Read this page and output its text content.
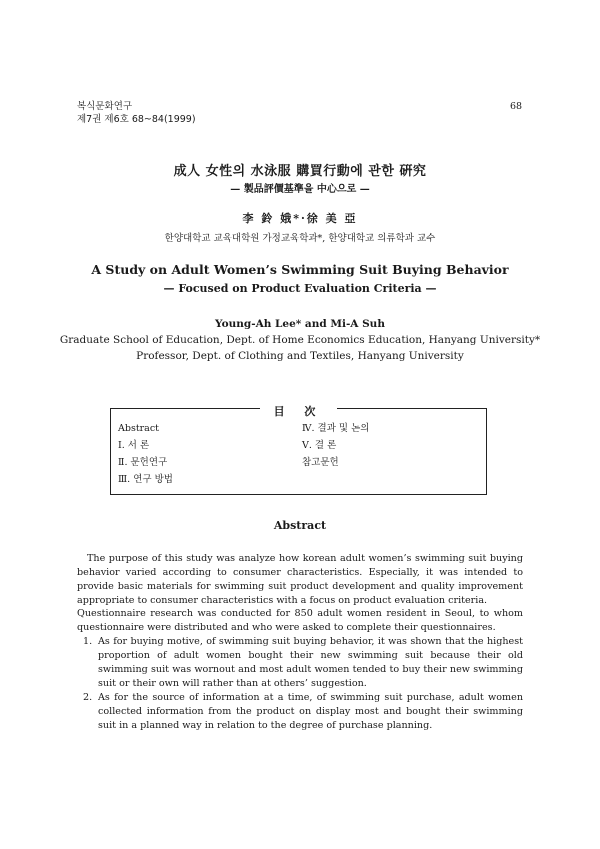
복식문화연구
제7권 제6호 68~84(1999)
68
成人 女性의 水泳服 購買行動에 관한 硏究
— 製品評價基準을 中心으로 —
李 鈴 娥*·徐 美 亞
한양대학교 교육대학원 가정교육학과*, 한양대학교 의류학과 교수
A Study on Adult Women’s Swimming Suit Buying Behavior
— Focused on Product Evaluation Criteria —
Young-Ah Lee* and Mi-A Suh
Graduate School of Education, Dept. of Home Economics Education, Hanyang University*
Professor, Dept. of Clothing and Textiles, Hanyang University
目 次
Abstract
Ⅰ. 서 론
Ⅱ. 문헌연구
Ⅲ. 연구 방법
Ⅳ. 결과 및 논의
Ⅴ. 결 론
참고문헌
Abstract
The purpose of this study was analyze how korean adult women’s swimming suit buying behavior varied according to consumer characteristics. Especially, it was intended to provide basic materials for swimming suit product development and quality improvement appropriate to consumer characteristics with a focus on product evaluation criteria.
Questionnaire research was conducted for 850 adult women resident in Seoul, to whom questionnaire were distributed and who were asked to complete their questionnaires.
1. As for buying motive, of swimming suit buying behavior, it was shown that the highest proportion of adult women bought their new swimming suit because their old swimming suit was wornout and most adult women tended to buy their new swimming suit or their own will rather than at others’ suggestion.
2. As for the source of information at a time, of swimming suit purchase, adult women collected information from the product on display most and bought their swimming suit in a planned way in relation to the degree of purchase planning.
